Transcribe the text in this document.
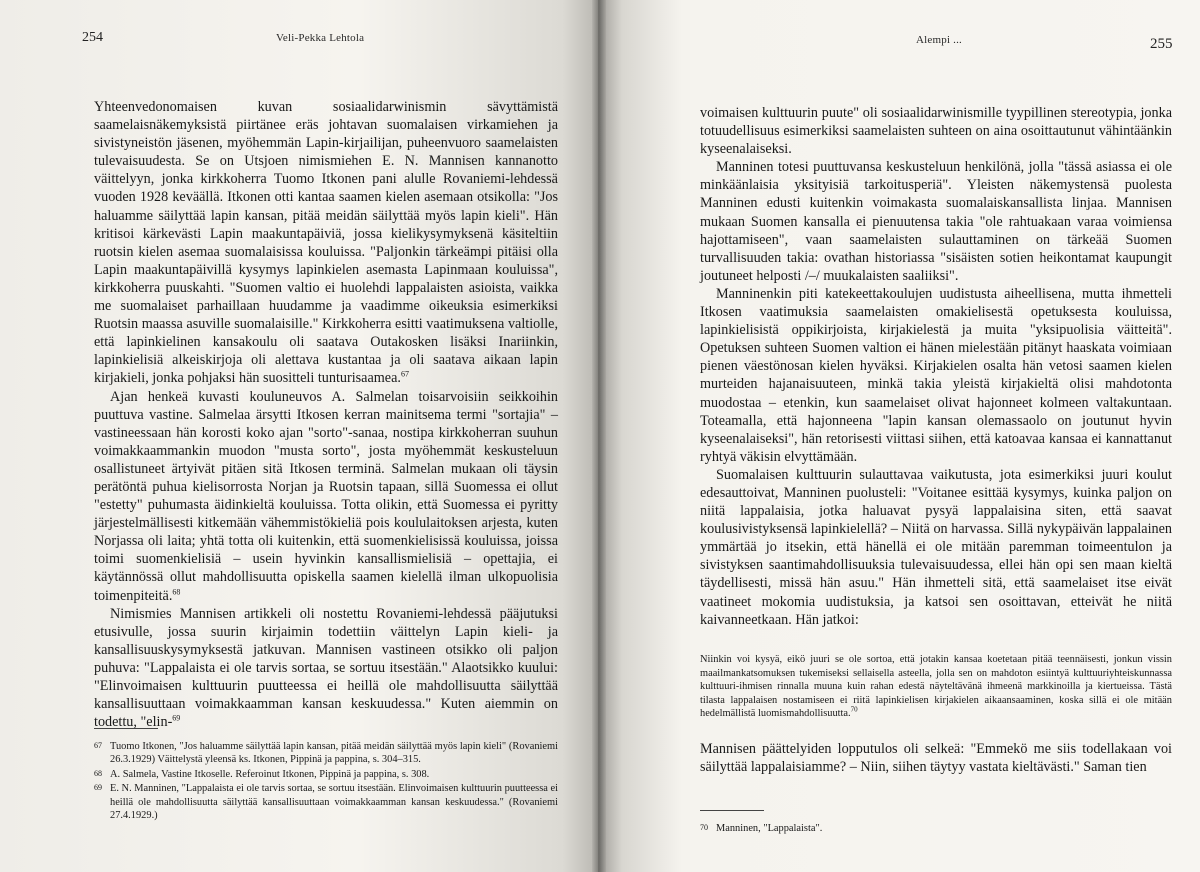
254	Veli-Pekka Lehtola

Yhteenvedonomaisen kuvan sosiaalidarwinismin sävyttämistä saamelaisnäkemyksistä piirtänee eräs johtavan suomalaisen virkamiehen ja sivistyneistön jäsenen, myöhemmän Lapin-kirjailijan, puheenvuoro saamelaisten tulevaisuudesta. Se on Utsjoen nimismiehen E. N. Mannisen kannanotto väittelyyn, jonka kirkkoherra Tuomo Itkonen pani alulle Rovaniemi-lehdessä vuoden 1928 keväällä. Itkonen otti kantaa saamen kielen asemaan otsikolla: "Jos haluamme säilyttää lapin kansan, pitää meidän säilyttää myös lapin kieli". Hän kritisoi kärkevästi Lapin maakuntapäiviä, jossa kielikysymyksenä käsiteltiin ruotsin kielen asemaa suomalaisissa kouluissa. "Paljonkin tärkeämpi pitäisi olla Lapin maakuntapäivillä kysymys lapinkielen asemasta Lapinmaan kouluissa", kirkkoherra puuskahti. "Suomen valtio ei huolehdi lappalaisten asioista, vaikka me suomalaiset parhaillaan huudamme ja vaadimme oikeuksia esimerkiksi Ruotsin maassa asuville suomalaisille." Kirkkoherra esitti vaatimuksena valtiolle, että lapinkielinen kansakoulu oli saatava Outakosken lisäksi Inariinkin, lapinkielisiä alkeiskirjoja oli alettava kustantaa ja oli saatava aikaan lapin kirjakieli, jonka pohjaksi hän suositteli tunturisaamea.$^{67}$

Ajan henkeä kuvasti kouluneuvos A. Salmelan toisarvoisiin seikkoihin puuttuva vastine. Salmelaa ärsytti Itkosen kerran mainitsema termi "sortajia" – vastineessaan hän korosti koko ajan "sorto"-sanaa, nostipa kirkkoherran suuhun voimakkaammankin muodon "musta sorto", josta myöhemmät keskusteluun osallistuneet ärtyivät pitäen sitä Itkosen terminä. Salmelan mukaan oli täysin perätöntä puhua kielisorrosta Norjan ja Ruotsin tapaan, sillä Suomessa ei ollut "estetty" puhumasta äidinkieltä kouluissa. Totta olikin, että Suomessa ei pyritty järjestelmällisesti kitkemään vähemmistökieliä pois koululaitoksen arjesta, kuten Norjassa oli laita; yhtä totta oli kuitenkin, että suomenkielisissä kouluissa, joissa toimi suomenkielisiä – usein hyvinkin kansallismielisiä – opettajia, ei käytännössä ollut mahdollisuutta opiskella saamen kielellä ilman ulkopuolisia toimenpiteitä.$^{68}$

Nimismies Mannisen artikkeli oli nostettu Rovaniemi-lehdessä pääjutuksi etusivulle, jossa suurin kirjaimin todettiin väittelyn Lapin kieli- ja kansallisuuskysymyksestä jatkuvan. Mannisen vastineen otsikko oli paljon puhuva: "Lappalaista ei ole tarvis sortaa, se sortuu itsestään." Alaotsikko kuului: "Elinvoimaisen kulttuurin puutteessa ei heillä ole mahdollisuutta säilyttää kansallisuuttaan voimakkaamman kansan keskuudessa." Kuten aiemmin on todettu, "elin-$^{69}$

67 Tuomo Itkonen, "Jos haluamme säilyttää lapin kansan, pitää meidän säilyttää myös lapin kieli" (Rovaniemi 26.3.1929) Väittelystä yleensä ks. Itkonen, Pippinä ja pappina, s. 304–315.
68 A. Salmela, Vastine Itkoselle. Referoinut Itkonen, Pippinä ja pappina, s. 308.
69 E. N. Manninen, "Lappalaista ei ole tarvis sortaa, se sortuu itsestään. Elinvoimaisen kulttuurin puutteessa ei heillä ole mahdollisuutta säilyttää kansallisuuttaan voimakkaamman kansan keskuudessa." (Rovaniemi 27.4.1929.)
255
Alempi ...

voimaisen kulttuurin puute" oli sosiaalidarwinismille tyypillinen stereotypia, jonka totuudellisuus esimerkiksi saamelaisten suhteen on aina osoittautunut vähintäänkin kyseenalaiseksi.

Manninen totesi puuttuvansa keskusteluun henkilönä, jolla "tässä asiassa ei ole minkäänlaisia yksityisiä tarkoitusperiä". Yleisten näkemystensä puolesta Manninen edusti kuitenkin voimakasta suomalaiskansallista linjaa. Mannisen mukaan Suomen kansalla ei pienuutensa takia "ole rahtuakaan varaa voimiensa hajottamiseen", vaan saamelaisten sulauttaminen on tärkeää Suomen turvallisuuden takia: ovathan historiassa "sisäisten sotien heikontamat kaupungit joutuneet helposti /–/ muukalaisten saaliiksi".

Manninenkin piti katekeettakoulujen uudistusta aiheellisena, mutta ihmetteli Itkosen vaatimuksia saamelaisten omakielisestä opetuksesta kouluissa, lapinkielisistä oppikirjoista, kirjakielestä ja muita "yksipuolisia väitteitä". Opetuksen suhteen Suomen valtion ei hänen mielestään pitänyt haaskata voimiaan pienen väestönosan kielen hyväksi. Kirjakielen osalta hän vetosi saamen kielen murteiden hajanaisuuteen, minkä takia yleistä kirjakieltä olisi mahdotonta muodostaa – etenkin, kun saamelaiset olivat hajonneet kolmeen valtakuntaan. Toteamalla, että hajonneena "lapin kansan olemassaolo on joutunut hyvin kyseenalaiseksi", hän retorisesti viittasi siihen, että katoavaa kansaa ei kannattanut ryhtyä väkisin elvyttämään.

Suomalaisen kulttuurin sulauttavaa vaikutusta, jota esimerkiksi juuri koulut edesauttoivat, Manninen puolusteli: "Voitanee esittää kysymys, kuinka paljon on niitä lappalaisia, jotka haluavat pysyä lappalaisina siten, että saavat koulusivistyksensä lapinkielellä? – Niitä on harvassa. Sillä nykypäivän lappalainen ymmärtää jo itsekin, että hänellä ei ole mitään paremman toimeentulon ja sivistyksen saantimahdollisuuksia tulevaisuudessa, ellei hän opi sen maan kieltä täydellisesti, missä hän asuu." Hän ihmetteli sitä, että saamelaiset itse eivät vaatineet mokomia uudistuksia, ja katsoi sen osoittavan, etteivät he niitä kaivanneetkaan. Hän jatkoi:

Niinkin voi kysyä, eikö juuri se ole sortoa, että jotakin kansaa koetetaan pitää teennäisesti, jonkun vissin maailmankatsomuksen tukemiseksi sellaisella asteella, jolla sen on mahdoton esiintyä kulttuuriyhteiskunnassa kulttuuri-ihmisen rinnalla muuna kuin rahan edestä näyteltävänä ihmeenä markkinoilla ja kiertueissa. Tästä tilasta lappalaisen nostamiseen ei riitä lapinkielisen kirjakielen aikaansaaminen, koska sillä ei ole mitään hedelmällistä luomismahdollisuutta.$^{70}$

Mannisen päättelyiden lopputulos oli selkeä: "Emmekö me siis todellakaan voi säilyttää lappalaisiamme? – Niin, siihen täytyy vastata kieltävästi." Saman tien

70 Manninen, "Lappalaista".
